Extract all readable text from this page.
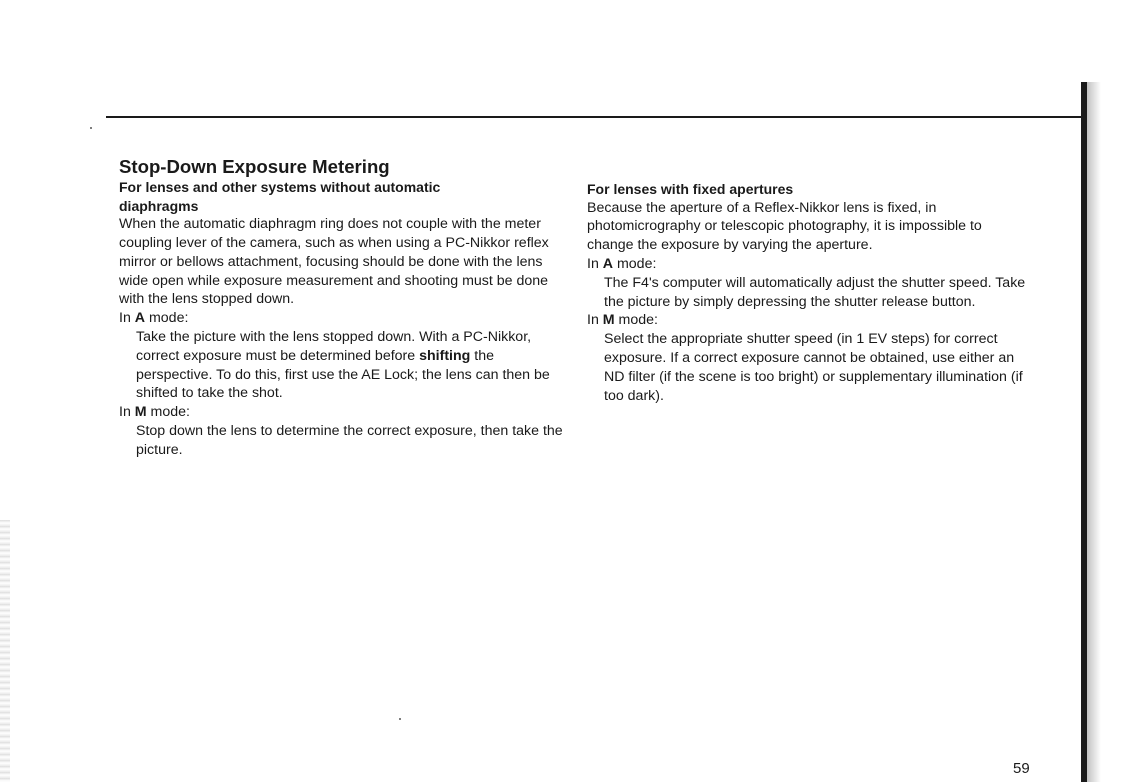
Stop-Down Exposure Metering
For lenses and other systems without automatic diaphragms

When the automatic diaphragm ring does not couple with the meter coupling lever of the camera, such as when using a PC-Nikkor reflex mirror or bellows attachment, focusing should be done with the lens wide open while exposure measurement and shooting must be done with the lens stopped down.

In A mode:

Take the picture with the lens stopped down. With a PC-Nikkor, correct exposure must be determined before shifting the perspective. To do this, first use the AE Lock; the lens can then be shifted to take the shot.

In M mode:

Stop down the lens to determine the correct exposure, then take the picture.

For lenses with fixed apertures

Because the aperture of a Reflex-Nikkor lens is fixed, in photomicrography or telescopic photography, it is impossible to change the exposure by varying the aperture.

In A mode:

The F4's computer will automatically adjust the shutter speed. Take the picture by simply depressing the shutter release button.

In M mode:

Select the appropriate shutter speed (in 1 EV steps) for correct exposure. If a correct exposure cannot be obtained, use either an ND filter (if the scene is too bright) or supplementary illumination (if too dark).

59
